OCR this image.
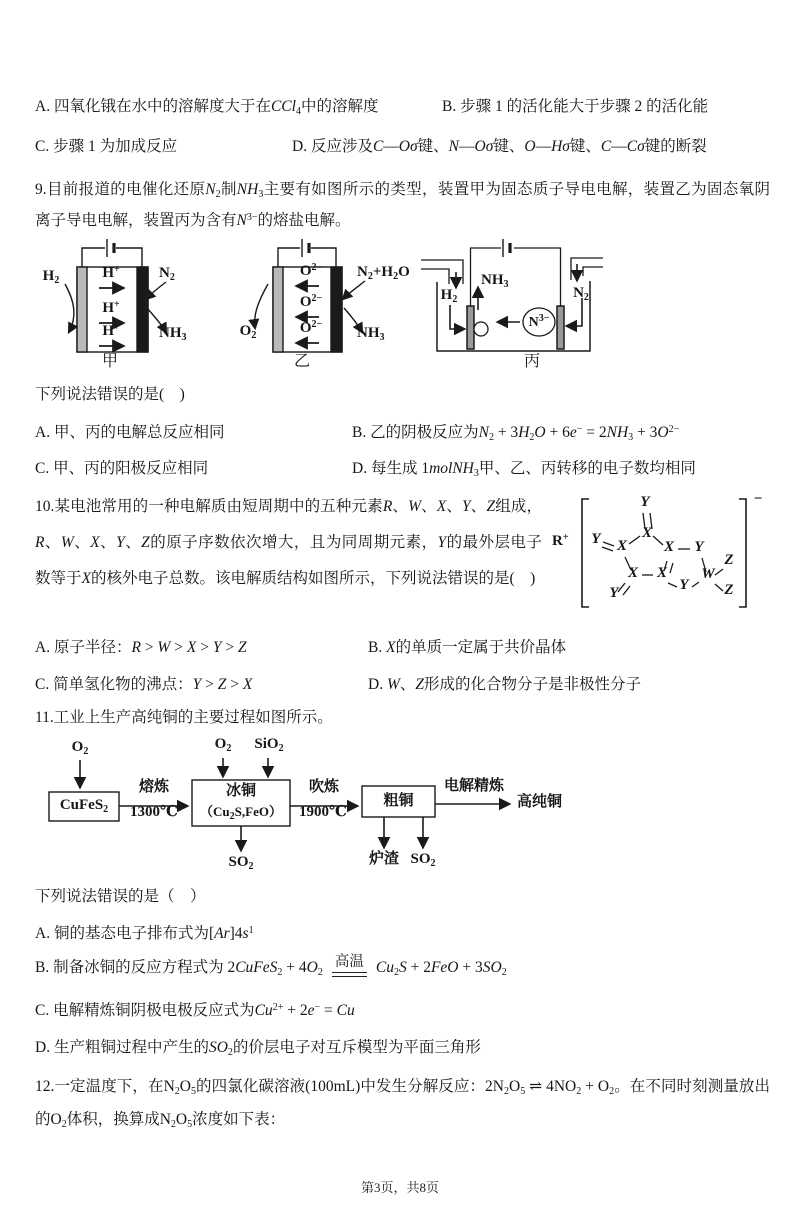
A. 四氧化锇在水中的溶解度大于在CCl$_4$中的溶解度	B. 步骤 1 的活化能大于步骤 2 的活化能
C. 步骤 1 为加成反应	D. 反应涉及C—Oσ键、N—Oσ键、O—Hσ键、C—Cσ键的断裂

9.目前报道的电催化还原$N_2$制$NH_3$主要有如图所示的类型，装置甲为固态质子导电电解，装置乙为固态氧阴离子导电电解，装置丙为含有$N^{3-}$的熔盐电解。

$H_2$	H+
H+
H+
$N_2$
$NH_3$
甲
$O_2$
$O^{2-}$
$O^{2-}$
$O^{2-}$
$N_2+H_2O$
$NH_3$
乙
$H_2$
$NH_3$
$N^{3-}$
$N_2$
丙

下列说法错误的是(　)

A. 甲、丙的电解总反应相同	B. 乙的阴极反应为$N_2 + 3H_2O + 6e^- = 2NH_3 + 3O^{2-}$
C. 甲、丙的阳极反应相同	D. 每生成 1molNH$_3$甲、乙、丙转移的电子数均相同
R+
−
Y
X
Y	X	X	Y
X	X
Y	Y
W
Z
Z

10.某电池常用的一种电解质由短周期中的五种元素R、W、X、Y、Z组成，R、W、X、Y、Z的原子序数依次增大，且为同周期元素，Y的最外层电子数等于X的核外电子总数。该电解质结构如图所示，下列说法错误的是(　)

A. 原子半径：R > W > X > Y > Z	B. X的单质一定属于共价晶体
C. 简单氢化物的沸点：Y > Z > X	D. W、Z形成的化合物分子是非极性分子

11.工业上生产高纯铜的主要过程如图所示。

$O_2$
CuFeS$_2$
熔炼
1300℃
冰铜
$(Cu_2S,FeO)$
$O_2$	SiO$_2$
吹炼
1900℃
$SO_2$
粗铜
电解精炼
高纯铜
炉渣 $SO_2$

下列说法错误的是（　）

A. 铜的基态电子排布式为$[Ar]4s^1$

B. 制备冰铜的反应方程式为 2CuFeS$_2$ + $4O_2$
高温 $Cu_2S + 2FeO + 3SO_2$

C. 电解精炼铜阴极电极反应式为$Cu^{2+} + 2e^- = Cu$

D. 生产粗铜过程中产生的$SO_2$的价层电子对互斥模型为平面三角形

12.一定温度下，在$N_2O_5$的四氯化碳溶液(100mL)中发生分解反应：$2N_2O_5$ ⇌ $4NO_2 + O_2$。在不同时刻测量放出的$O_2$体积，换算成$N_2O_5$浓度如下表：

第3页，共8页
